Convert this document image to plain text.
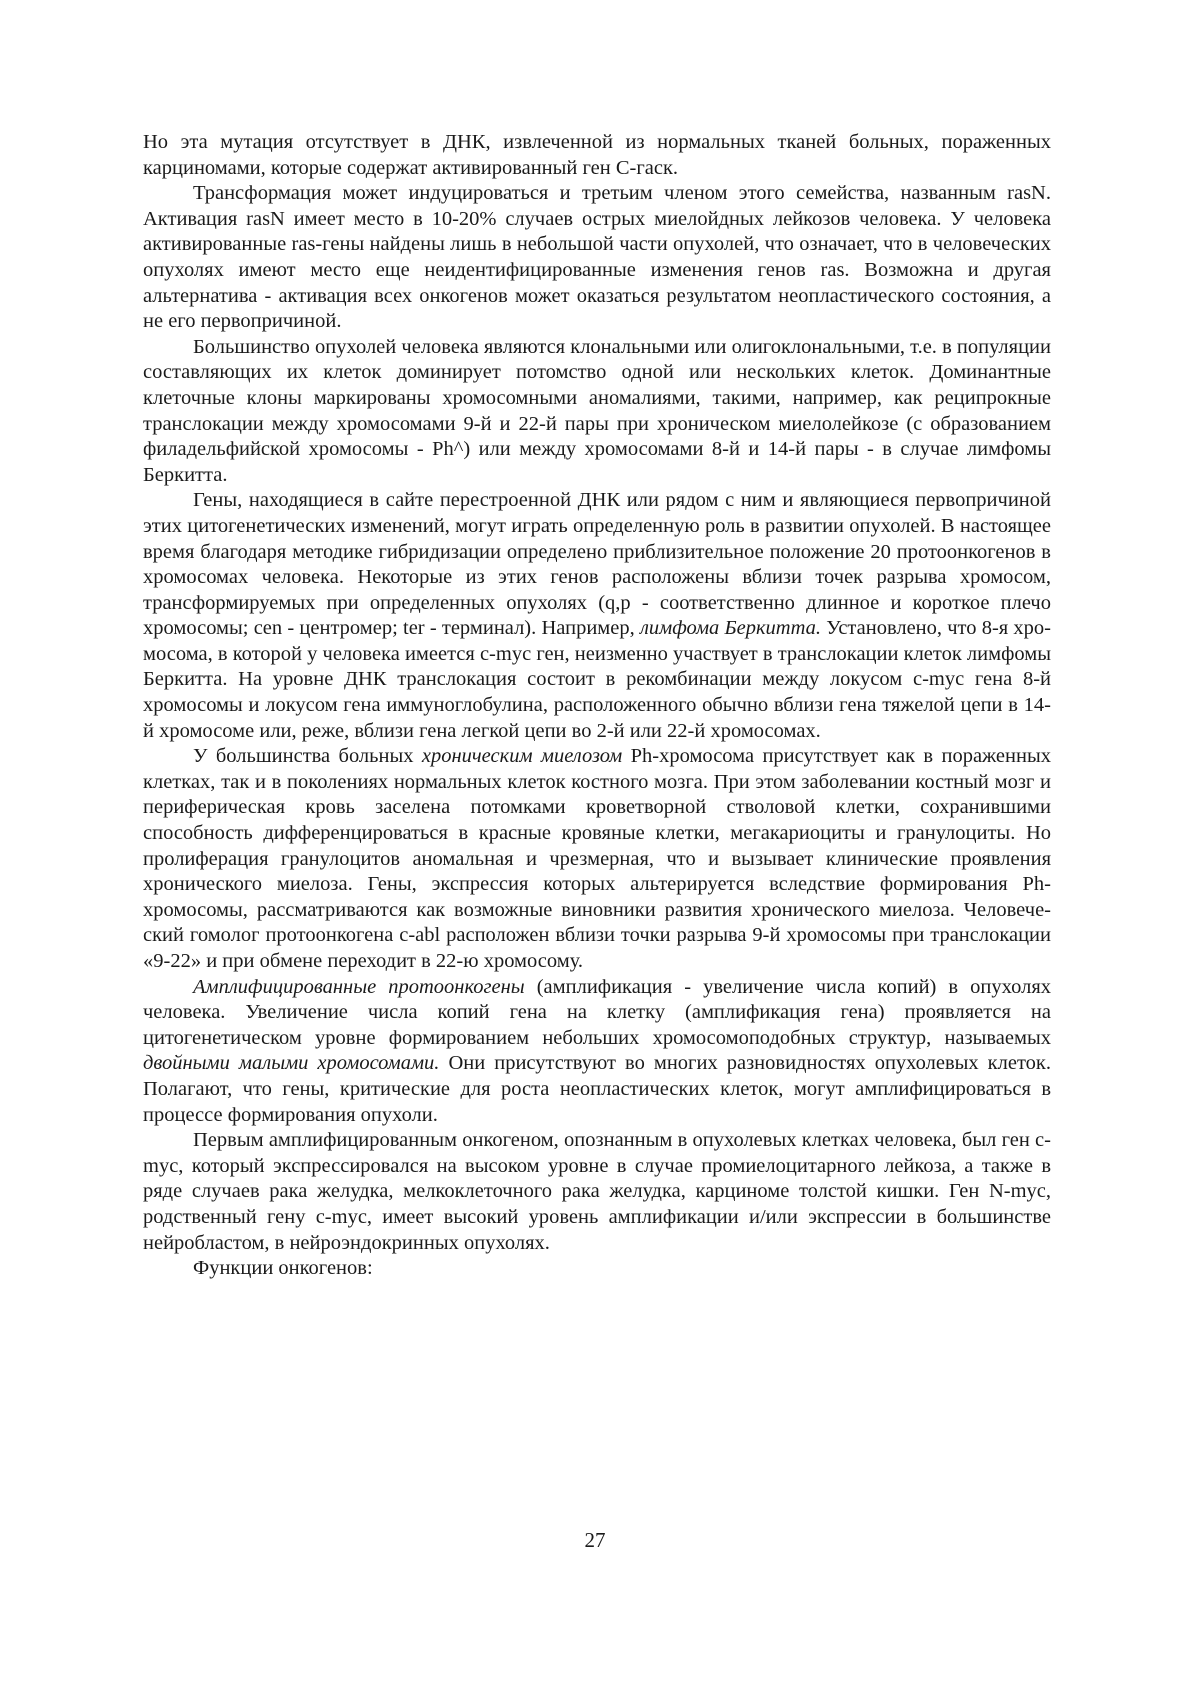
Но эта мутация отсутствует в ДНК, извлеченной из нормальных тканей больных, пораженных карциномами, которые содержат активированный ген С-гаск.

Трансформация может индуцироваться и третьим членом этого семейства, названным rasN. Активация rasN имеет место в 10-20% случаев острых миелойдных лейкозов человека. У человека активированные ras-гены найдены лишь в небольшой части опухолей, что означает, что в человеческих опухолях имеют место еще неидентифицированные изменения генов ras. Возможна и другая альтернатива - активация всех онкогенов может оказаться результатом неопластического состояния, а не его первопричиной.

Большинство опухолей человека являются клональными или олигоклональными, т.е. в популяции составляющих их клеток доминирует потомство одной или нескольких клеток. Доминантные клеточные клоны маркированы хромосомными аномалиями, такими, например, как реципрокные транслокации между хромосомами 9-й и 22-й пары при хроническом миелолейкозе (с образованием филадельфийской хромосомы - Ph^) или между хромосомами 8-й и 14-й пары - в случае лимфомы Беркитта.

Гены, находящиеся в сайте перестроенной ДНК или рядом с ним и являющиеся первопричиной этих цитогенетических изменений, могут играть определенную роль в развитии опухолей. В настоящее время благодаря методике гибридизации определено приблизительное положение 20 протоонкогенов в хромосомах человека. Некоторые из этих генов расположены вблизи точек разрыва хромосом, трансформируемых при определенных опухолях (q,p - соответственно длинное и короткое плечо хромосомы; cen - центромер; ter - терминал). Например, лимфома Беркитта. Установлено, что 8-я хромосома, в которой у человека имеется c-myc ген, неизменно участвует в транслокации клеток лимфомы Беркитта. На уровне ДНК транслокация состоит в рекомбинации между локусом c-myc гена 8-й хромосомы и локусом гена иммуноглобулина, расположенного обычно вблизи гена тяжелой цепи в 14-й хромосоме или, реже, вблизи гена легкой цепи во 2-й или 22-й хромосомах.

У большинства больных хроническим миелозом Ph-хромосома присутствует как в пораженных клетках, так и в поколениях нормальных клеток костного мозга. При этом заболевании костный мозг и периферическая кровь заселена потомками кроветворной стволовой клетки, сохранившими способность дифференцироваться в красные кровяные клетки, мегакариоциты и гранулоциты. Но пролиферация гранулоцитов аномальная и чрезмерная, что и вызывает клинические проявления хронического миелоза. Гены, экспрессия которых альтерируется вследствие формирования Ph-хромосомы, рассматриваются как возможные виновники развития хронического миелоза. Человеческий гомолог протоонкогена c-abl расположен вблизи точки разрыва 9-й хромосомы при транслокации «9-22» и при обмене переходит в 22-ю хромосому.

Амплифицированные протоонкогены (амплификация - увеличение числа копий) в опухолях человека. Увеличение числа копий гена на клетку (амплификация гена) проявляется на цитогенетическом уровне формированием небольших хромосомоподобных структур, называемых двойными малыми хромосомами. Они присутствуют во многих разновидностях опухолевых клеток. Полагают, что гены, критические для роста неопластических клеток, могут амплифицироваться в процессе формирования опухоли.

Первым амплифицированным онкогеном, опознанным в опухолевых клетках человека, был ген c-myc, который экспрессировался на высоком уровне в случае промиелоцитарного лейкоза, а также в ряде случаев рака желудка, мелкоклеточного рака желудка, карциноме толстой кишки. Ген N-myc, родственный гену c-myc, имеет высокий уровень амплификации и/или экспрессии в большинстве нейробластом, в нейроэндокринных опухолях.

Функции онкогенов:

27
